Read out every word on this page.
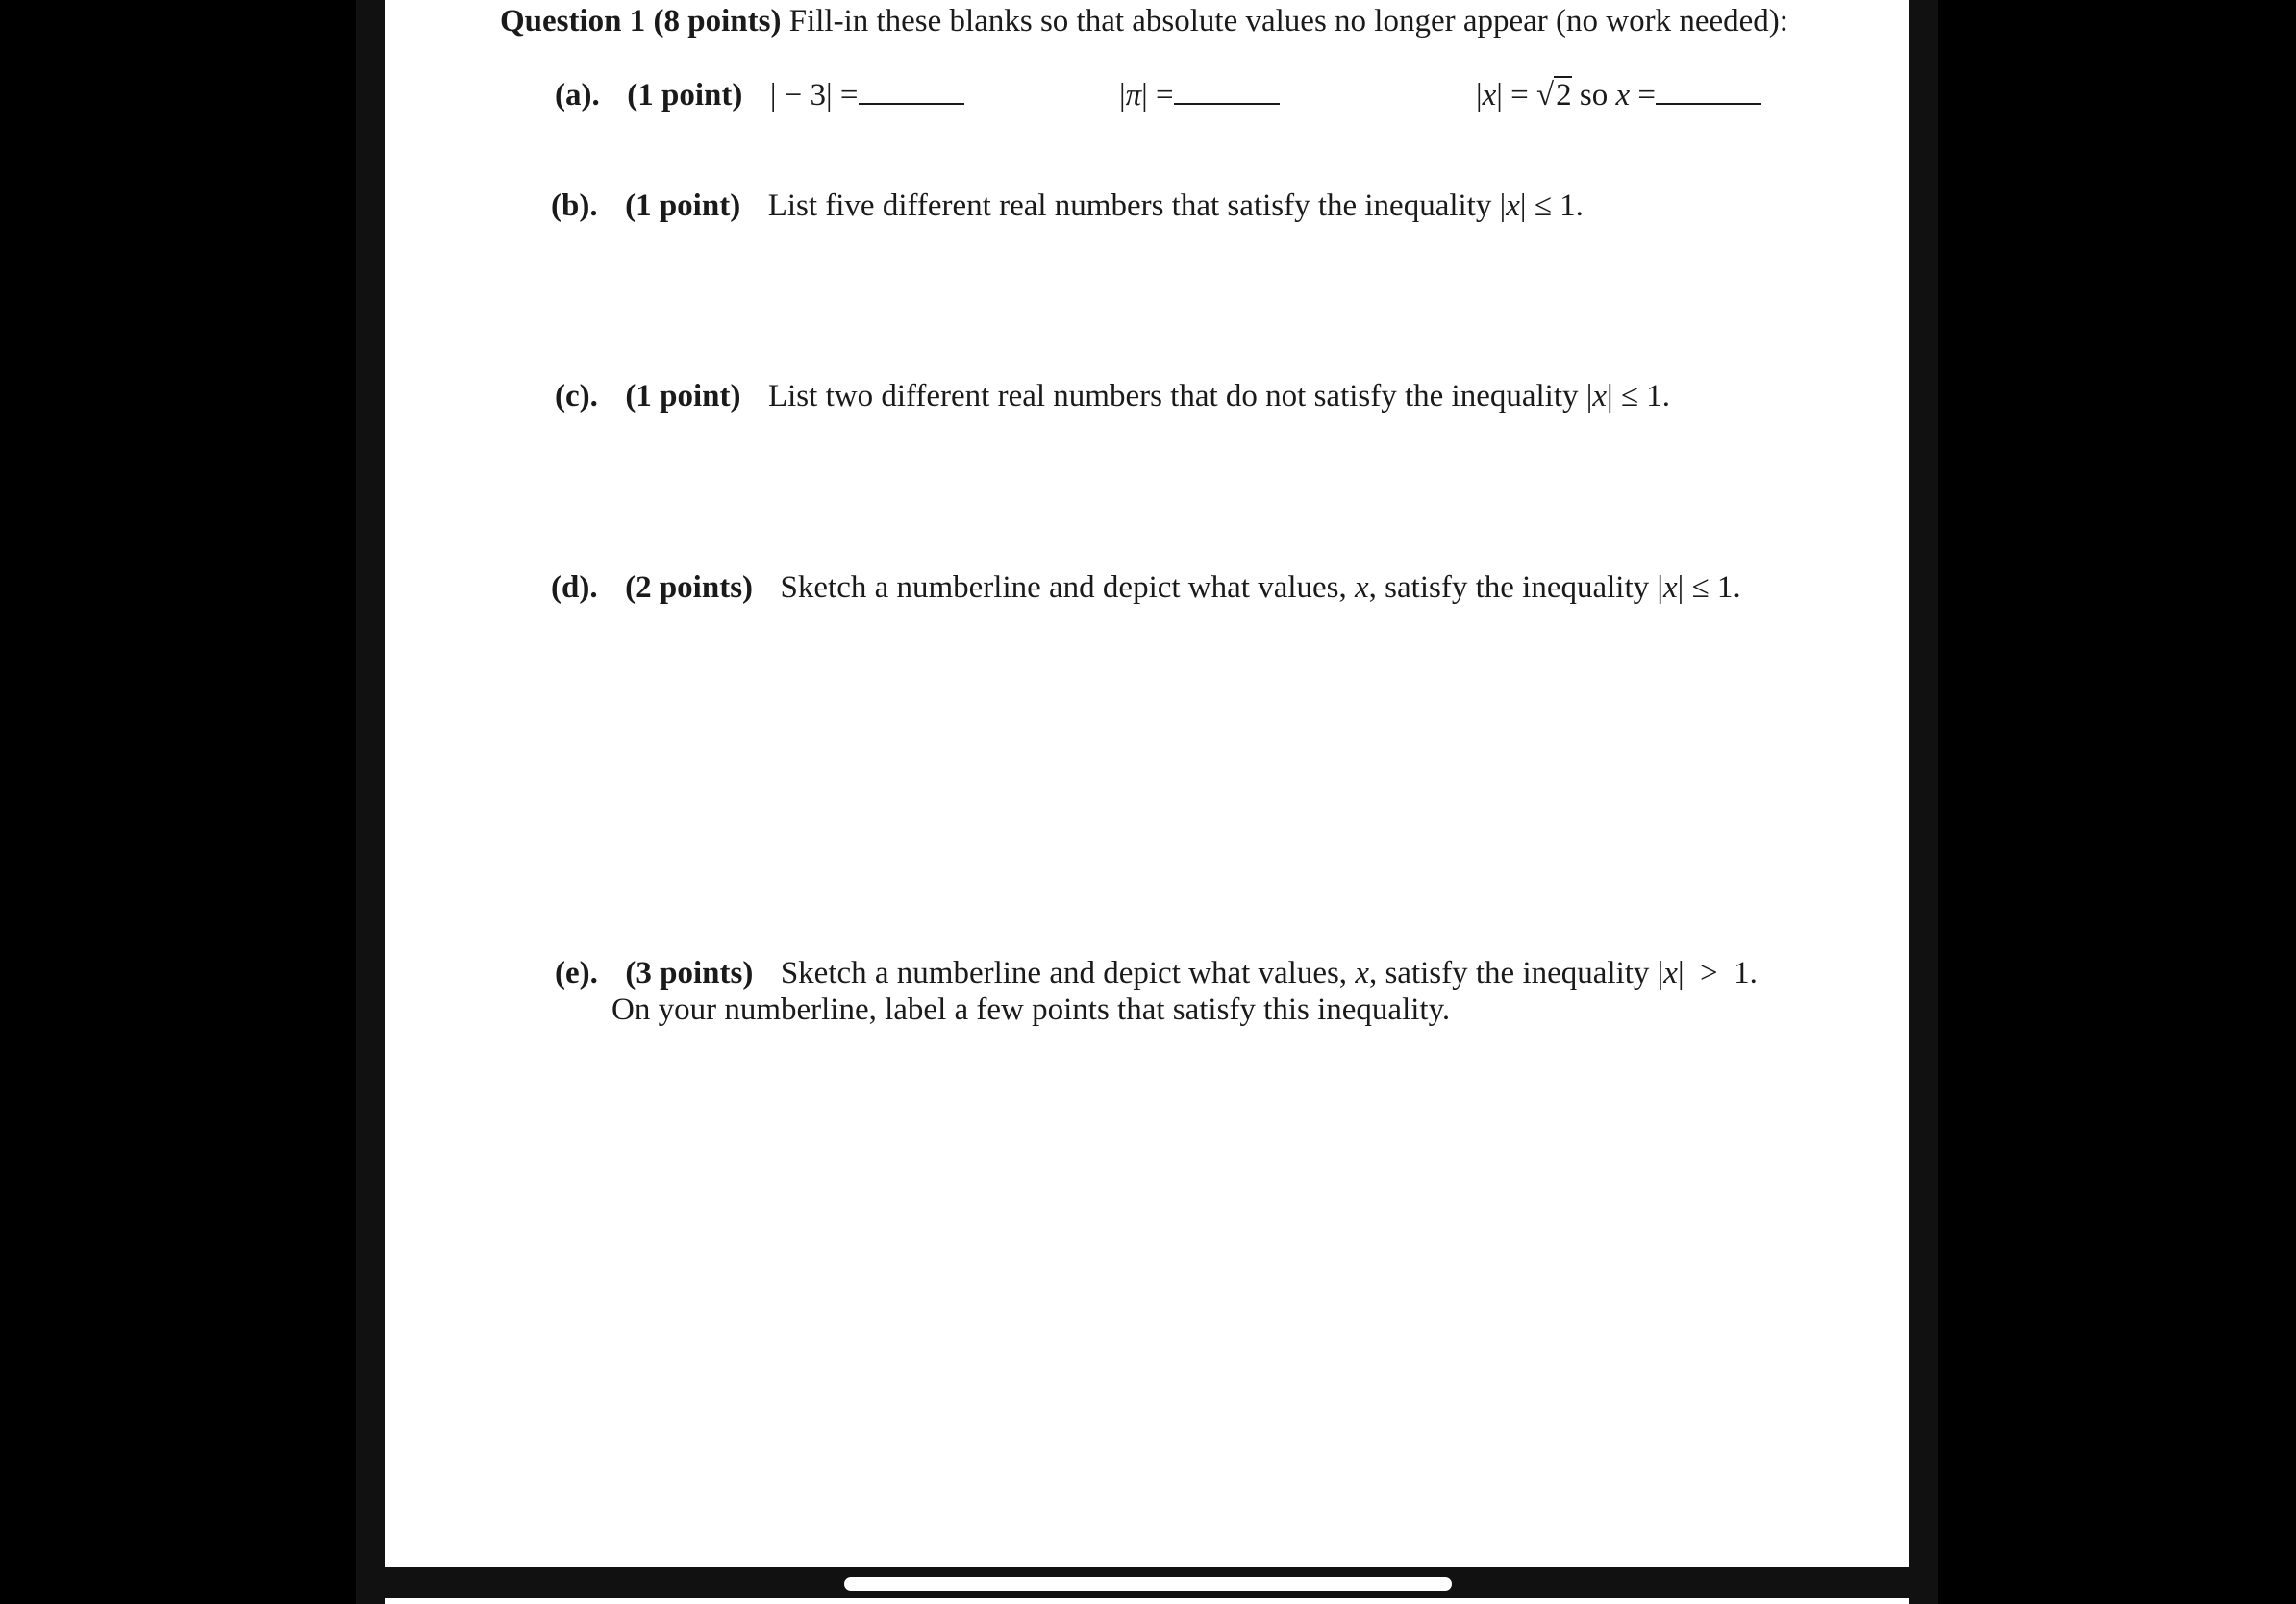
Question 1 (8 points) Fill-in these blanks so that absolute values no longer appear (no work needed):
(a). (1 point) | − 3| =	|π| =	|x| = √2 so x =
(b). (1 point) List five different real numbers that satisfy the inequality |x| ≤ 1.
(c). (1 point) List two different real numbers that do not satisfy the inequality |x| ≤ 1.
(d). (2 points) Sketch a numberline and depict what values, x, satisfy the inequality |x| ≤ 1.
(e). (3 points) Sketch a numberline and depict what values, x, satisfy the inequality |x|  >  1.
On your numberline, label a few points that satisfy this inequality.
